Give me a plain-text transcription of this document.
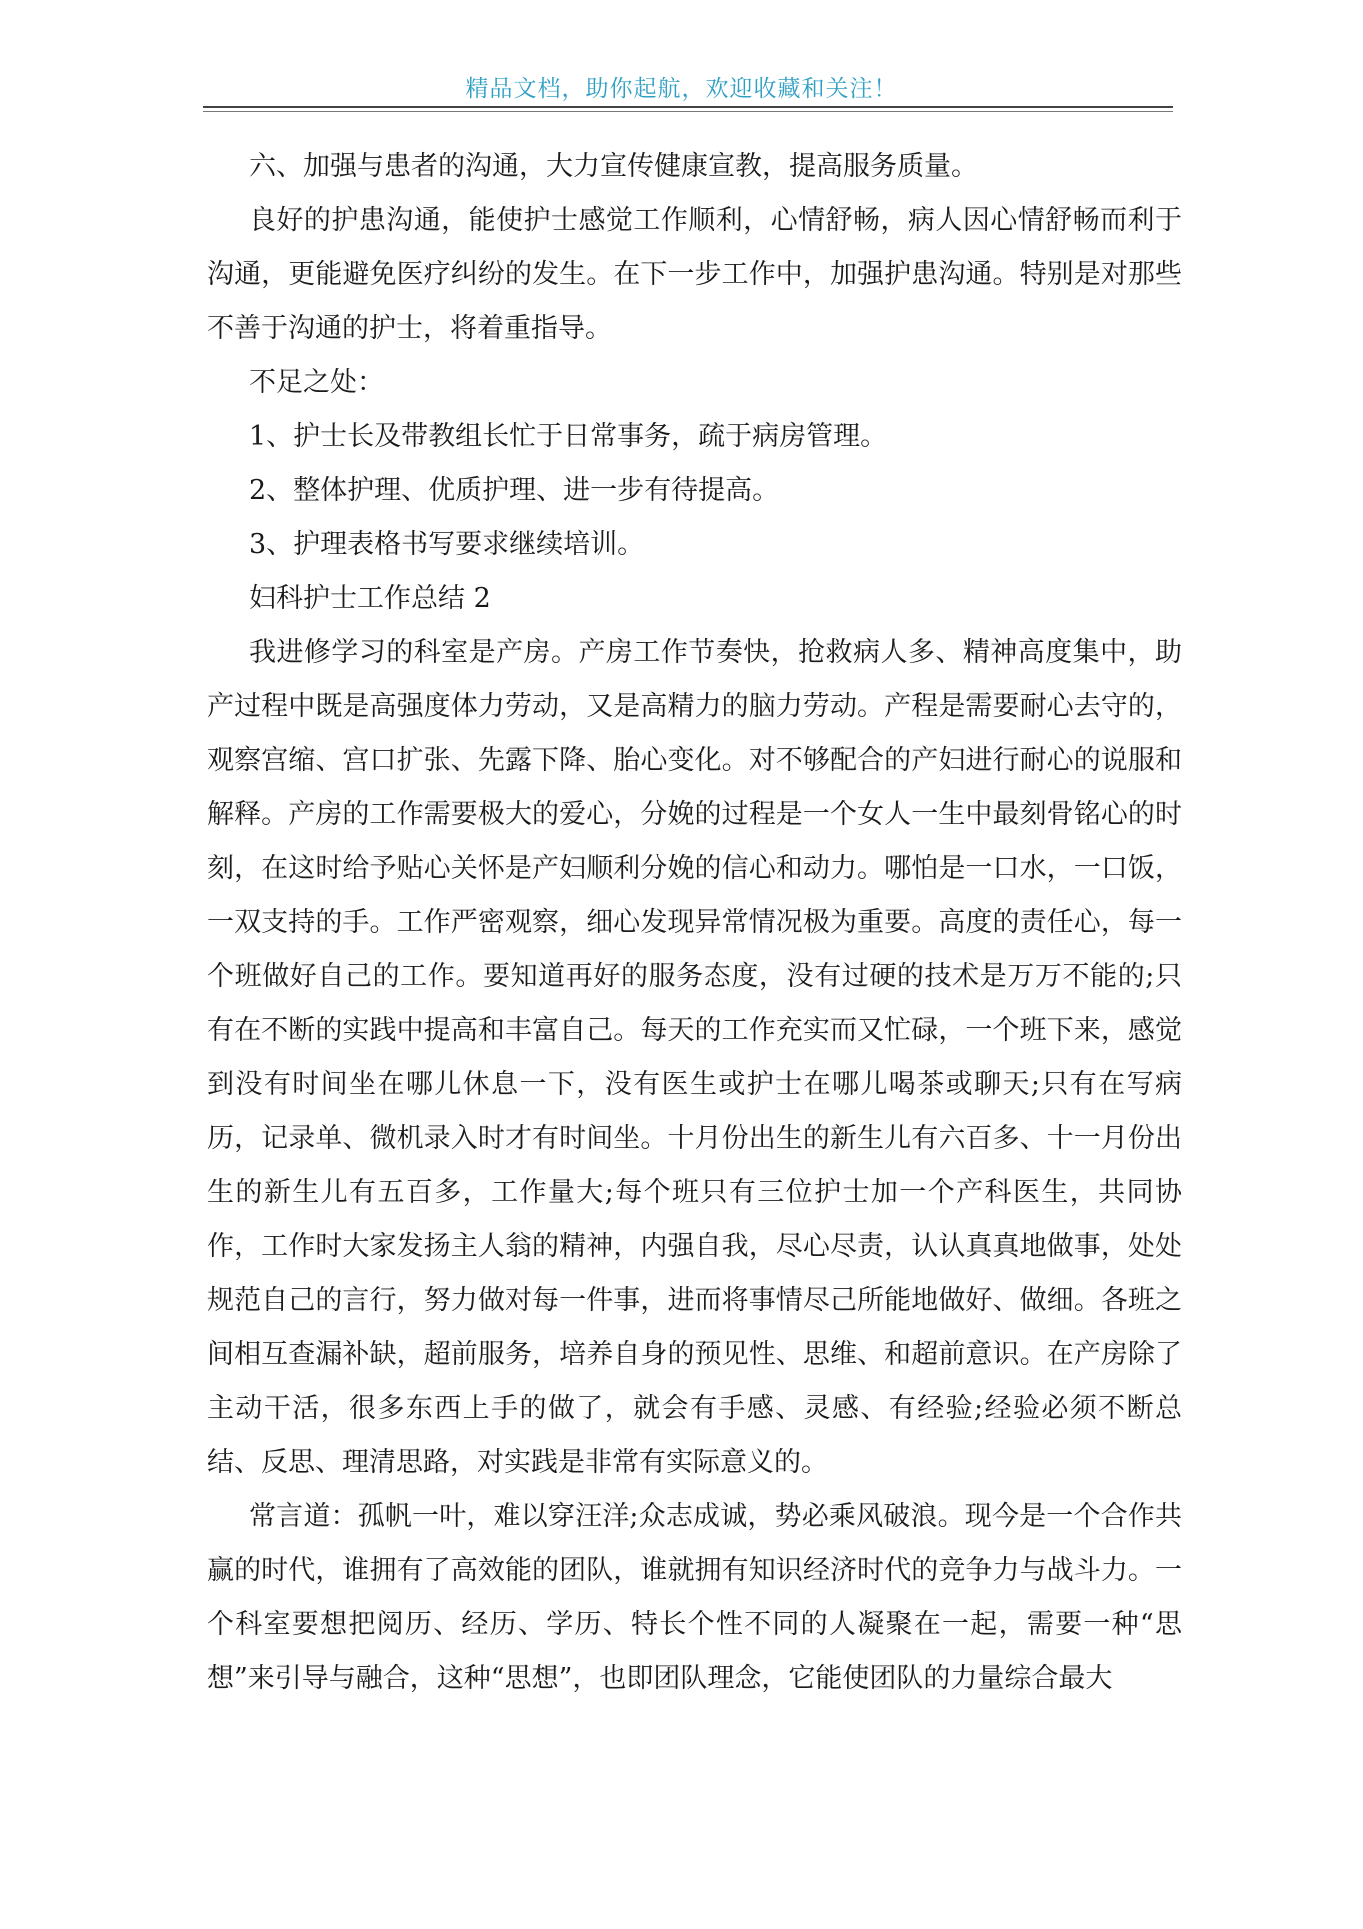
精品文档，助你起航，欢迎收藏和关注！

六、加强与患者的沟通，大力宣传健康宣教，提高服务质量。

良好的护患沟通，能使护士感觉工作顺利，心情舒畅，病人因心情舒畅而利于沟通，更能避免医疗纠纷的发生。在下一步工作中，加强护患沟通。特别是对那些不善于沟通的护士，将着重指导。

不足之处：

1、护士长及带教组长忙于日常事务，疏于病房管理。

2、整体护理、优质护理、进一步有待提高。

3、护理表格书写要求继续培训。

妇科护士工作总结 2

我进修学习的科室是产房。产房工作节奏快，抢救病人多、精神高度集中，助产过程中既是高强度体力劳动，又是高精力的脑力劳动。产程是需要耐心去守的，观察宫缩、宫口扩张、先露下降、胎心变化。对不够配合的产妇进行耐心的说服和解释。产房的工作需要极大的爱心，分娩的过程是一个女人一生中最刻骨铭心的时刻，在这时给予贴心关怀是产妇顺利分娩的信心和动力。哪怕是一口水，一口饭，一双支持的手。工作严密观察，细心发现异常情况极为重要。高度的责任心，每一个班做好自己的工作。要知道再好的服务态度，没有过硬的技术是万万不能的;只有在不断的实践中提高和丰富自己。每天的工作充实而又忙碌，一个班下来，感觉到没有时间坐在哪儿休息一下，没有医生或护士在哪儿喝茶或聊天;只有在写病历，记录单、微机录入时才有时间坐。十月份出生的新生儿有六百多、十一月份出生的新生儿有五百多，工作量大;每个班只有三位护士加一个产科医生，共同协作，工作时大家发扬主人翁的精神，内强自我，尽心尽责，认认真真地做事，处处规范自己的言行，努力做对每一件事，进而将事情尽己所能地做好、做细。各班之间相互查漏补缺，超前服务，培养自身的预见性、思维、和超前意识。在产房除了主动干活，很多东西上手的做了，就会有手感、灵感、有经验;经验必须不断总结、反思、理清思路，对实践是非常有实际意义的。

常言道：孤帆一叶，难以穿汪洋;众志成诚，势必乘风破浪。现今是一个合作共赢的时代，谁拥有了高效能的团队，谁就拥有知识经济时代的竞争力与战斗力。一个科室要想把阅历、经历、学历、特长个性不同的人凝聚在一起，需要一种“思想”来引导与融合，这种“思想”，也即团队理念，它能使团队的力量综合最大
